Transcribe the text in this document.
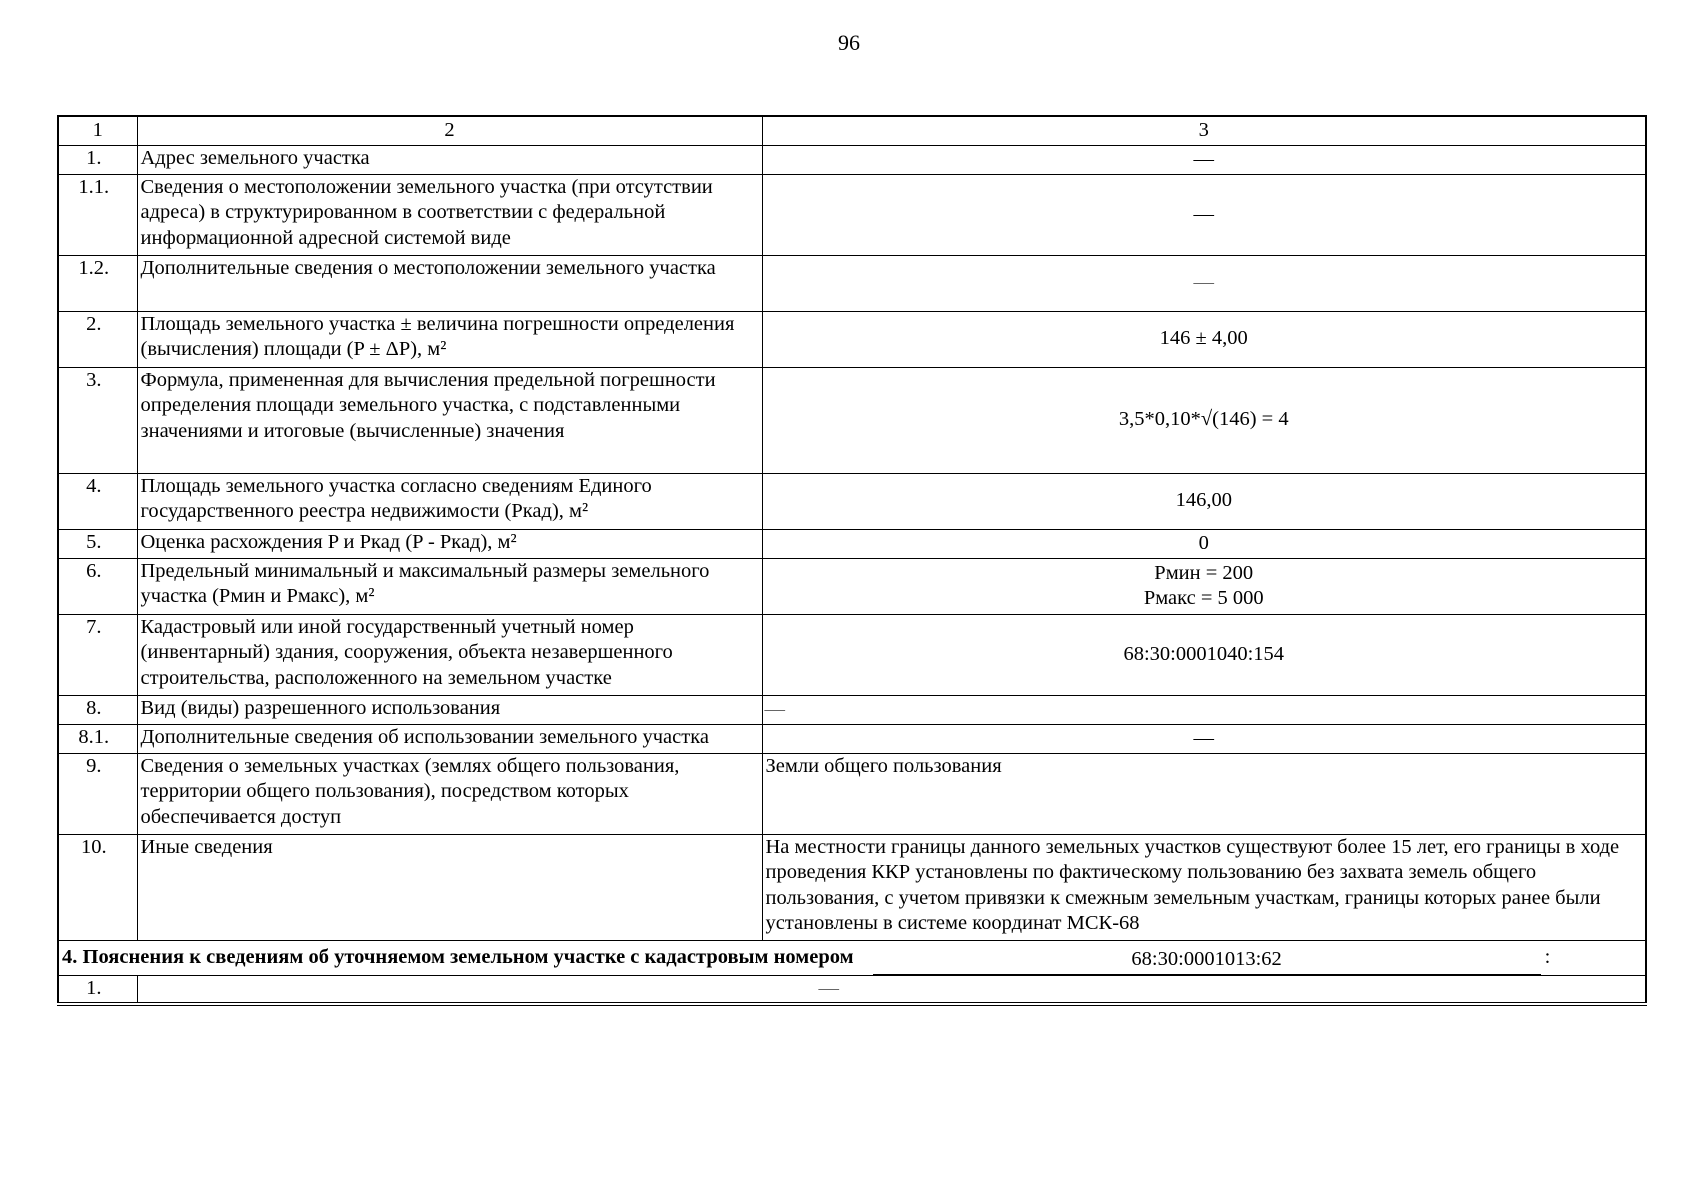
96
1	2	3
1.	Адрес земельного участка	—
1.1.	Сведения о местоположении земельного участка (при отсутствии адреса) в структурированном в соответствии с федеральной информационной адресной системой виде	—
1.2.	Дополнительные сведения о местоположении земельного участка	—
2.	Площадь земельного участка ± величина погрешности определения (вычисления) площади (P ± ΔP), м²	146 ± 4,00
3.	Формула, примененная для вычисления предельной погрешности определения площади земельного участка, с подставленными значениями и итоговые (вычисленные) значения	3,5*0,10*√(146) = 4
4.	Площадь земельного участка согласно сведениям Единого государственного реестра недвижимости (Pкад), м²	146,00
5.	Оценка расхождения P и Pкад (P - Pкад), м²	0
6.	Предельный минимальный и максимальный размеры земельного участка (Pмин и Pмакс), м²	Pмин = 200
Pмакс = 5 000

7.	Кадастровый или иной государственный учетный номер (инвентарный) здания, сооружения, объекта незавершенного строительства, расположенного на земельном участке	68:30:0001040:154
8.	Вид (виды) разрешенного использования	—
8.1.	Дополнительные сведения об использовании земельного участка	—
9.	Сведения о земельных участках (землях общего пользования, территории общего пользования), посредством которых обеспечивается доступ	Земли общего пользования
10.	Иные сведения	На местности границы данного земельных участков существуют более 15 лет, его границы в ходе проведения ККР установлены по фактическому пользованию без захвата земель общего пользования, с учетом привязки к смежным земельным участкам, границы которых ранее были установлены в системе координат МСК-68

4. Пояснения к сведениям об уточняемом земельном участке с кадастровым номером 68:30:0001013:62 :		

1.	—	
